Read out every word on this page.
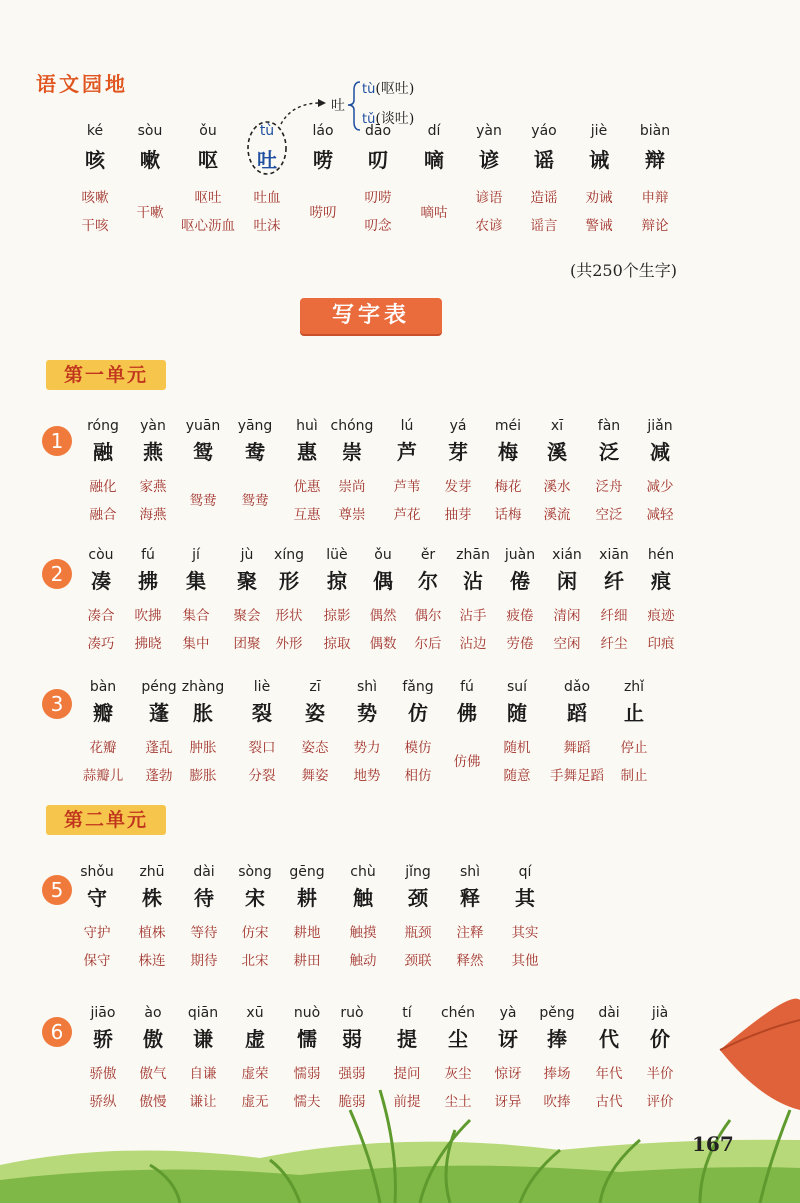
语文园地
ké
咳
咳嗽
干咳
sòu
嗽
干嗽
ǒu
呕
呕吐
呕心沥血
tù
吐
吐血
吐沫
láo
唠
唠叨
dāo
叨
叨唠
叨念
dí
嘀
嘀咕
yàn
谚
谚语
农谚
yáo
谣
造谣
谣言
jiè
诫
劝诫
警诫
biàn
辩
申辩
辩论
吐
tù(呕吐)
tǔ(谈吐)
(共250个生字)
写字表
第一单元
1
róng
融
融化
融合
yàn
燕
家燕
海燕
yuān
鸳
鸳鸯
yāng
鸯
鸳鸯
huì
惠
优惠
互惠
chóng
崇
崇尚
尊崇
lú
芦
芦苇
芦花
yá
芽
发芽
抽芽
méi
梅
梅花
话梅
xī
溪
溪水
溪流
fàn
泛
泛舟
空泛
jiǎn
减
减少
减轻
2
còu
凑
凑合
凑巧
fú
拂
吹拂
拂晓
jí
集
集合
集中
jù
聚
聚会
团聚
xíng
形
形状
外形
lüè
掠
掠影
掠取
ǒu
偶
偶然
偶数
ěr
尔
偶尔
尔后
zhān
沾
沾手
沾边
juàn
倦
疲倦
劳倦
xián
闲
清闲
空闲
xiān
纤
纤细
纤尘
hén
痕
痕迹
印痕
3
bàn
瓣
花瓣
蒜瓣儿
péng
蓬
蓬乱
蓬勃
zhàng
胀
肿胀
膨胀
liè
裂
裂口
分裂
zī
姿
姿态
舞姿
shì
势
势力
地势
fǎng
仿
模仿
相仿
fú
佛
仿佛
suí
随
随机
随意
dǎo
蹈
舞蹈
手舞足蹈
zhǐ
止
停止
制止
第二单元
5
shǒu
守
守护
保守
zhū
株
植株
株连
dài
待
等待
期待
sòng
宋
仿宋
北宋
gēng
耕
耕地
耕田
chù
触
触摸
触动
jǐng
颈
瓶颈
颈联
shì
释
注释
释然
qí
其
其实
其他
6
jiāo
骄
骄傲
骄纵
ào
傲
傲气
傲慢
qiān
谦
自谦
谦让
xū
虚
虚荣
虚无
nuò
懦
懦弱
懦夫
ruò
弱
强弱
脆弱
tí
提
提问
前提
chén
尘
灰尘
尘土
yà
讶
惊讶
讶异
pěng
捧
捧场
吹捧
dài
代
年代
古代
jià
价
半价
评价
167
